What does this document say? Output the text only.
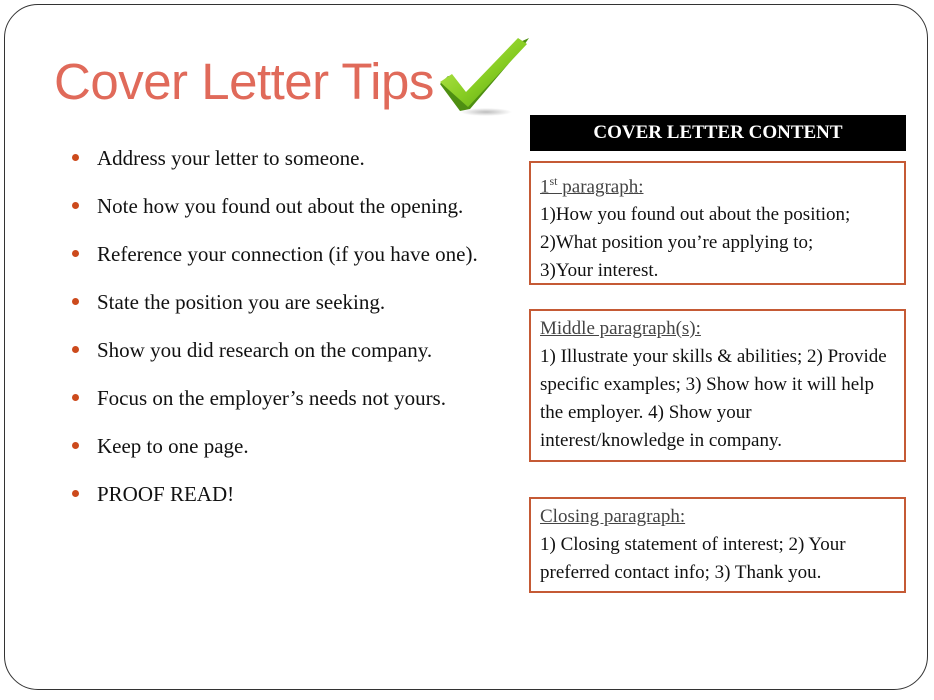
Cover Letter Tips
Address your letter to someone.
Note how you found out about the opening.
Reference your connection (if you have one).
State the position you are seeking.
Show you did research on the company.
Focus on the employer’s needs not yours.
Keep to one page.
PROOF READ!
COVER LETTER CONTENT
1st paragraph:
1)How you found out about the position;
2)What position you’re applying to;
3)Your interest.
Middle paragraph(s):
1) Illustrate your skills & abilities; 2) Provide specific examples; 3) Show how it will help the employer. 4) Show your interest/knowledge in company.
Closing paragraph:
1) Closing statement of interest; 2) Your preferred contact info; 3) Thank you.
